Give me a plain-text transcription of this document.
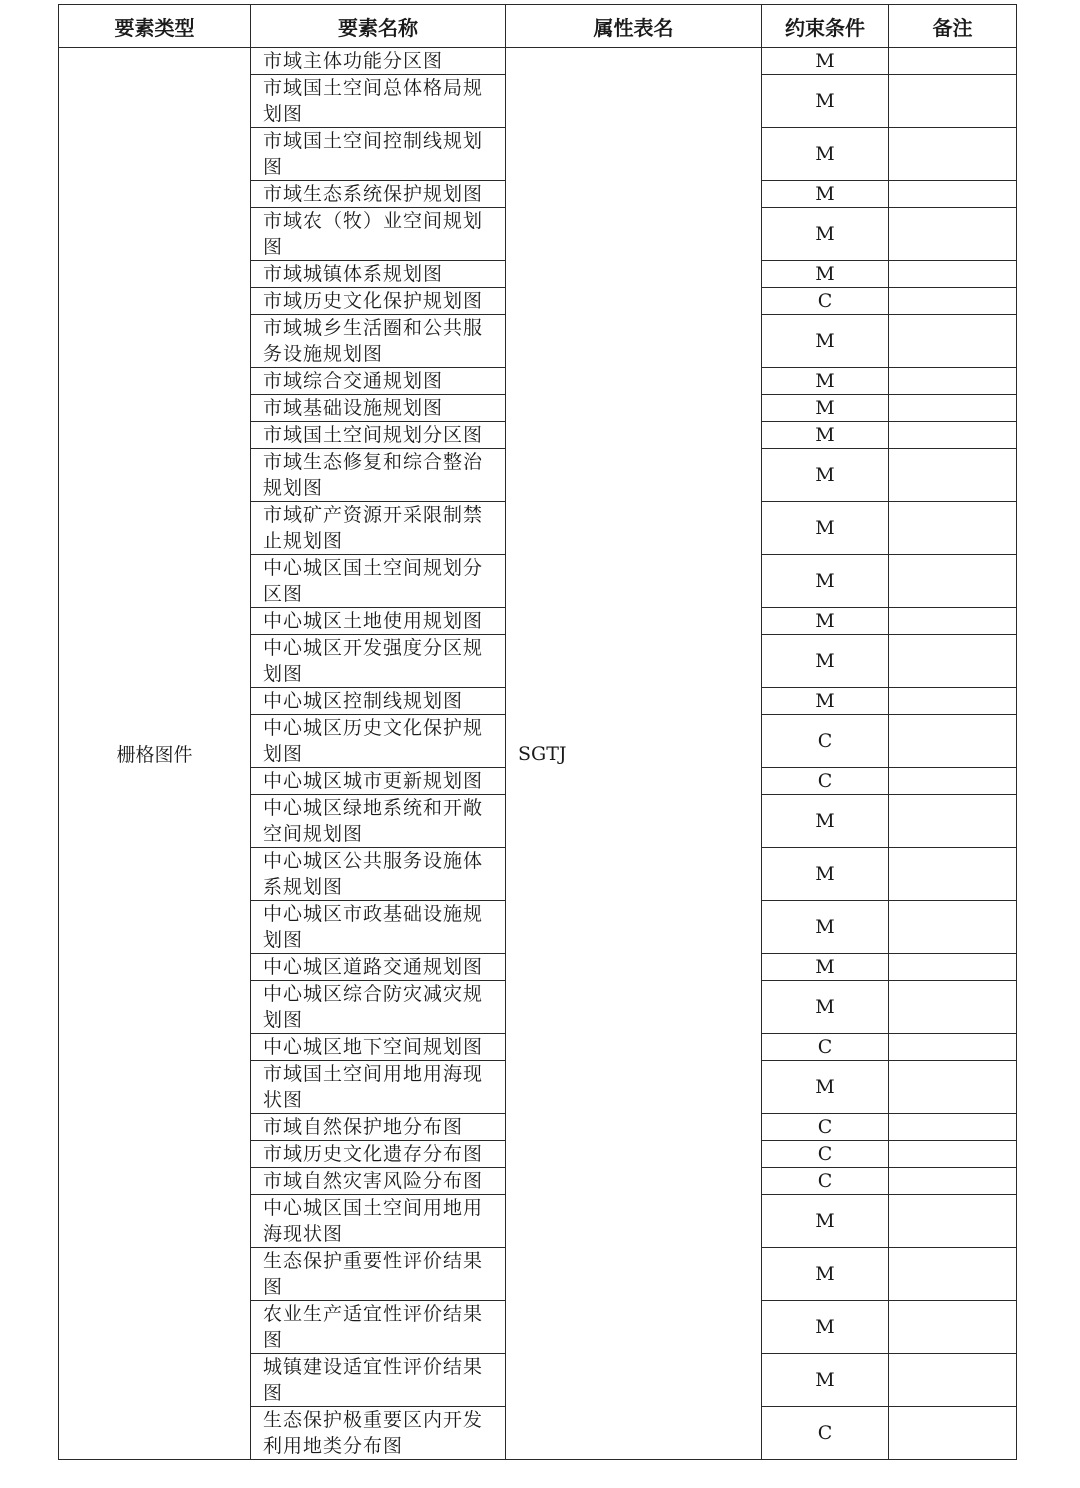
要素类型	要素名称	属性表名	约束条件	备注
栅格图件	市域主体功能分区图	SGTJ	M	
	市域国土空间总体格局规划图		M	
	市域国土空间控制线规划图		M	
	市域生态系统保护规划图		M	
	市域农（牧）业空间规划图		M	
	市域城镇体系规划图		M	
	市域历史文化保护规划图		C	
	市域城乡生活圈和公共服务设施规划图		M	
	市域综合交通规划图		M	
	市域基础设施规划图		M	
	市域国土空间规划分区图		M	
	市域生态修复和综合整治规划图		M	
	市域矿产资源开采限制禁止规划图		M	
	中心城区国土空间规划分区图		M	
	中心城区土地使用规划图		M	
	中心城区开发强度分区规划图		M	
	中心城区控制线规划图		M	
	中心城区历史文化保护规划图		C	
	中心城区城市更新规划图		C	
	中心城区绿地系统和开敞空间规划图		M	
	中心城区公共服务设施体系规划图		M	
	中心城区市政基础设施规划图		M	
	中心城区道路交通规划图		M	
	中心城区综合防灾减灾规划图		M	
	中心城区地下空间规划图		C	
	市域国土空间用地用海现状图		M	
	市域自然保护地分布图		C	
	市域历史文化遗存分布图		C	
	市域自然灾害风险分布图		C	
	中心城区国土空间用地用海现状图		M	
	生态保护重要性评价结果图		M	
	农业生产适宜性评价结果图		M	
	城镇建设适宜性评价结果图		M	
	生态保护极重要区内开发利用地类分布图		C	
